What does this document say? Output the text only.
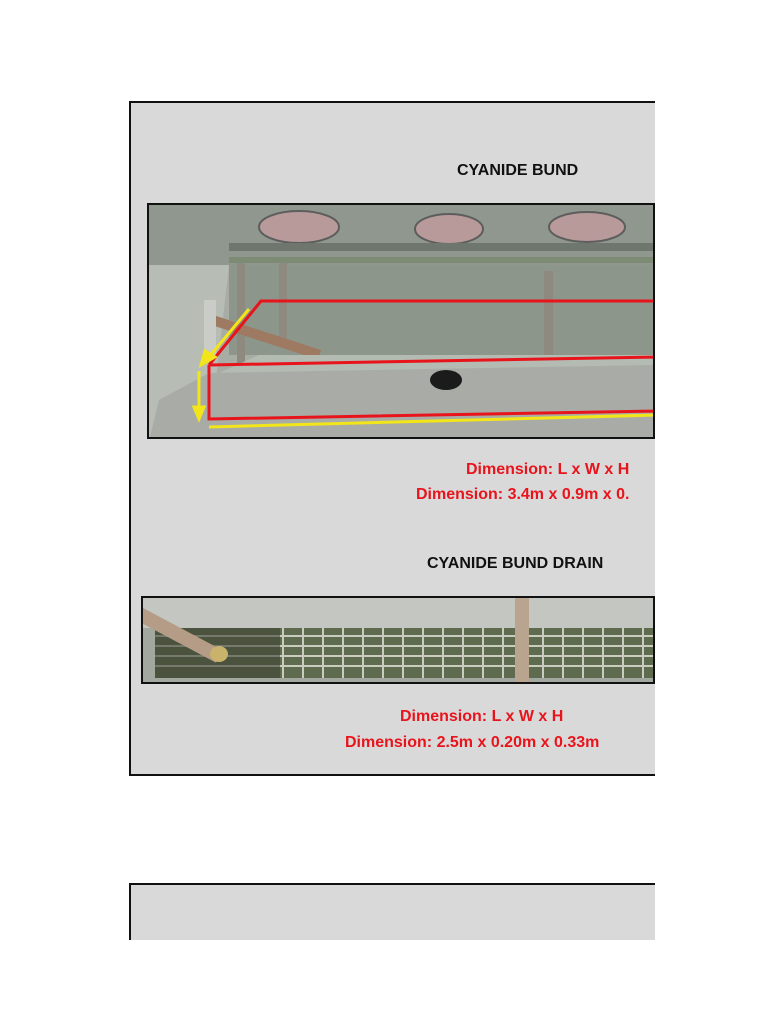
CYANIDE BUND
Dimension: L x W x H
Dimension: 3.4m x 0.9m x 0.
CYANIDE BUND DRAIN
Dimension: L x W x H
Dimension: 2.5m x 0.20m x 0.33m
